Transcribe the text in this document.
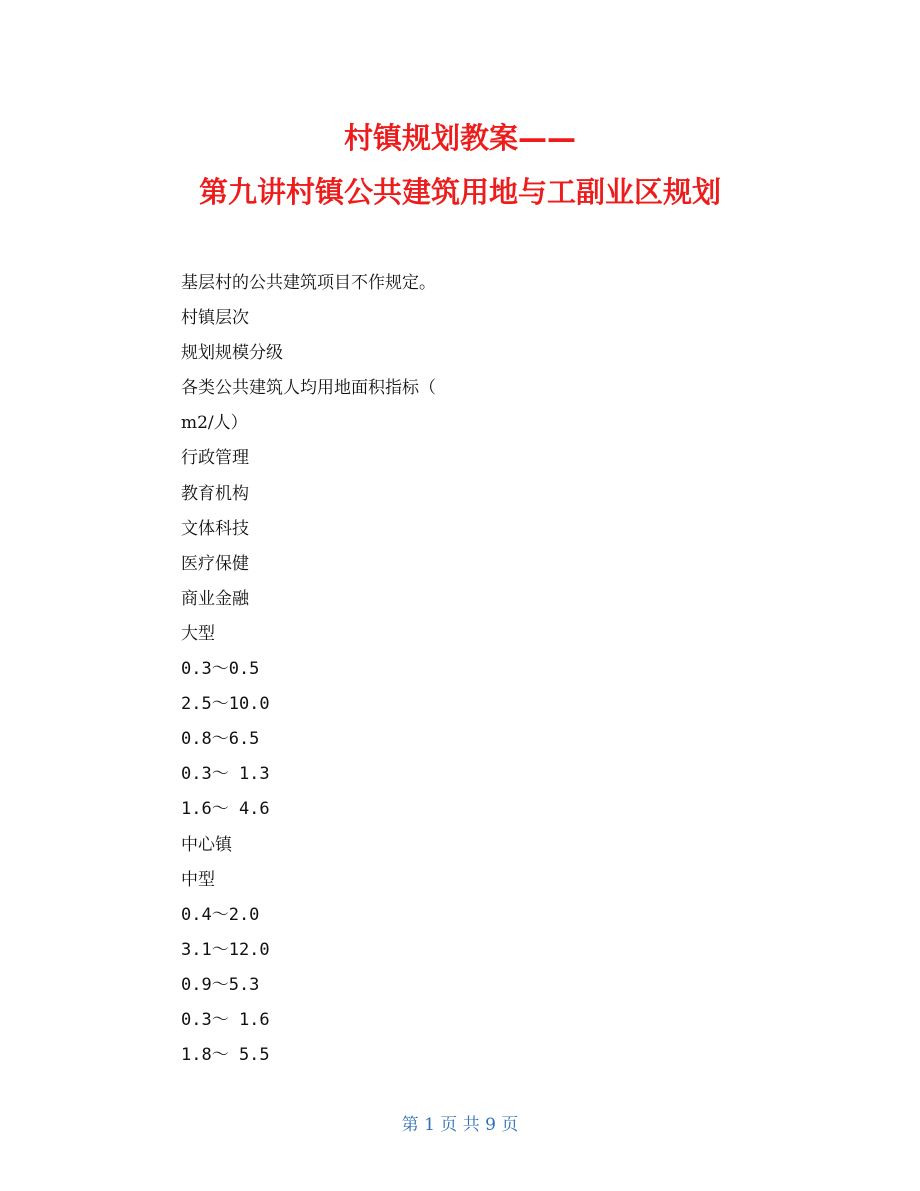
村镇规划教案——
第九讲村镇公共建筑用地与工副业区规划
基层村的公共建筑项目不作规定。
村镇层次
规划规模分级
各类公共建筑人均用地面积指标（
m2/人）
行政管理
教育机构
文体科技
医疗保健
商业金融
大型
0.3～0.5
2.5～10.0
0.8～6.5
0.3～ 1.3
1.6～ 4.6
中心镇
中型
0.4～2.0
3.1～12.0
0.9～5.3
0.3～ 1.6
1.8～ 5.5
第 1 页 共 9 页
